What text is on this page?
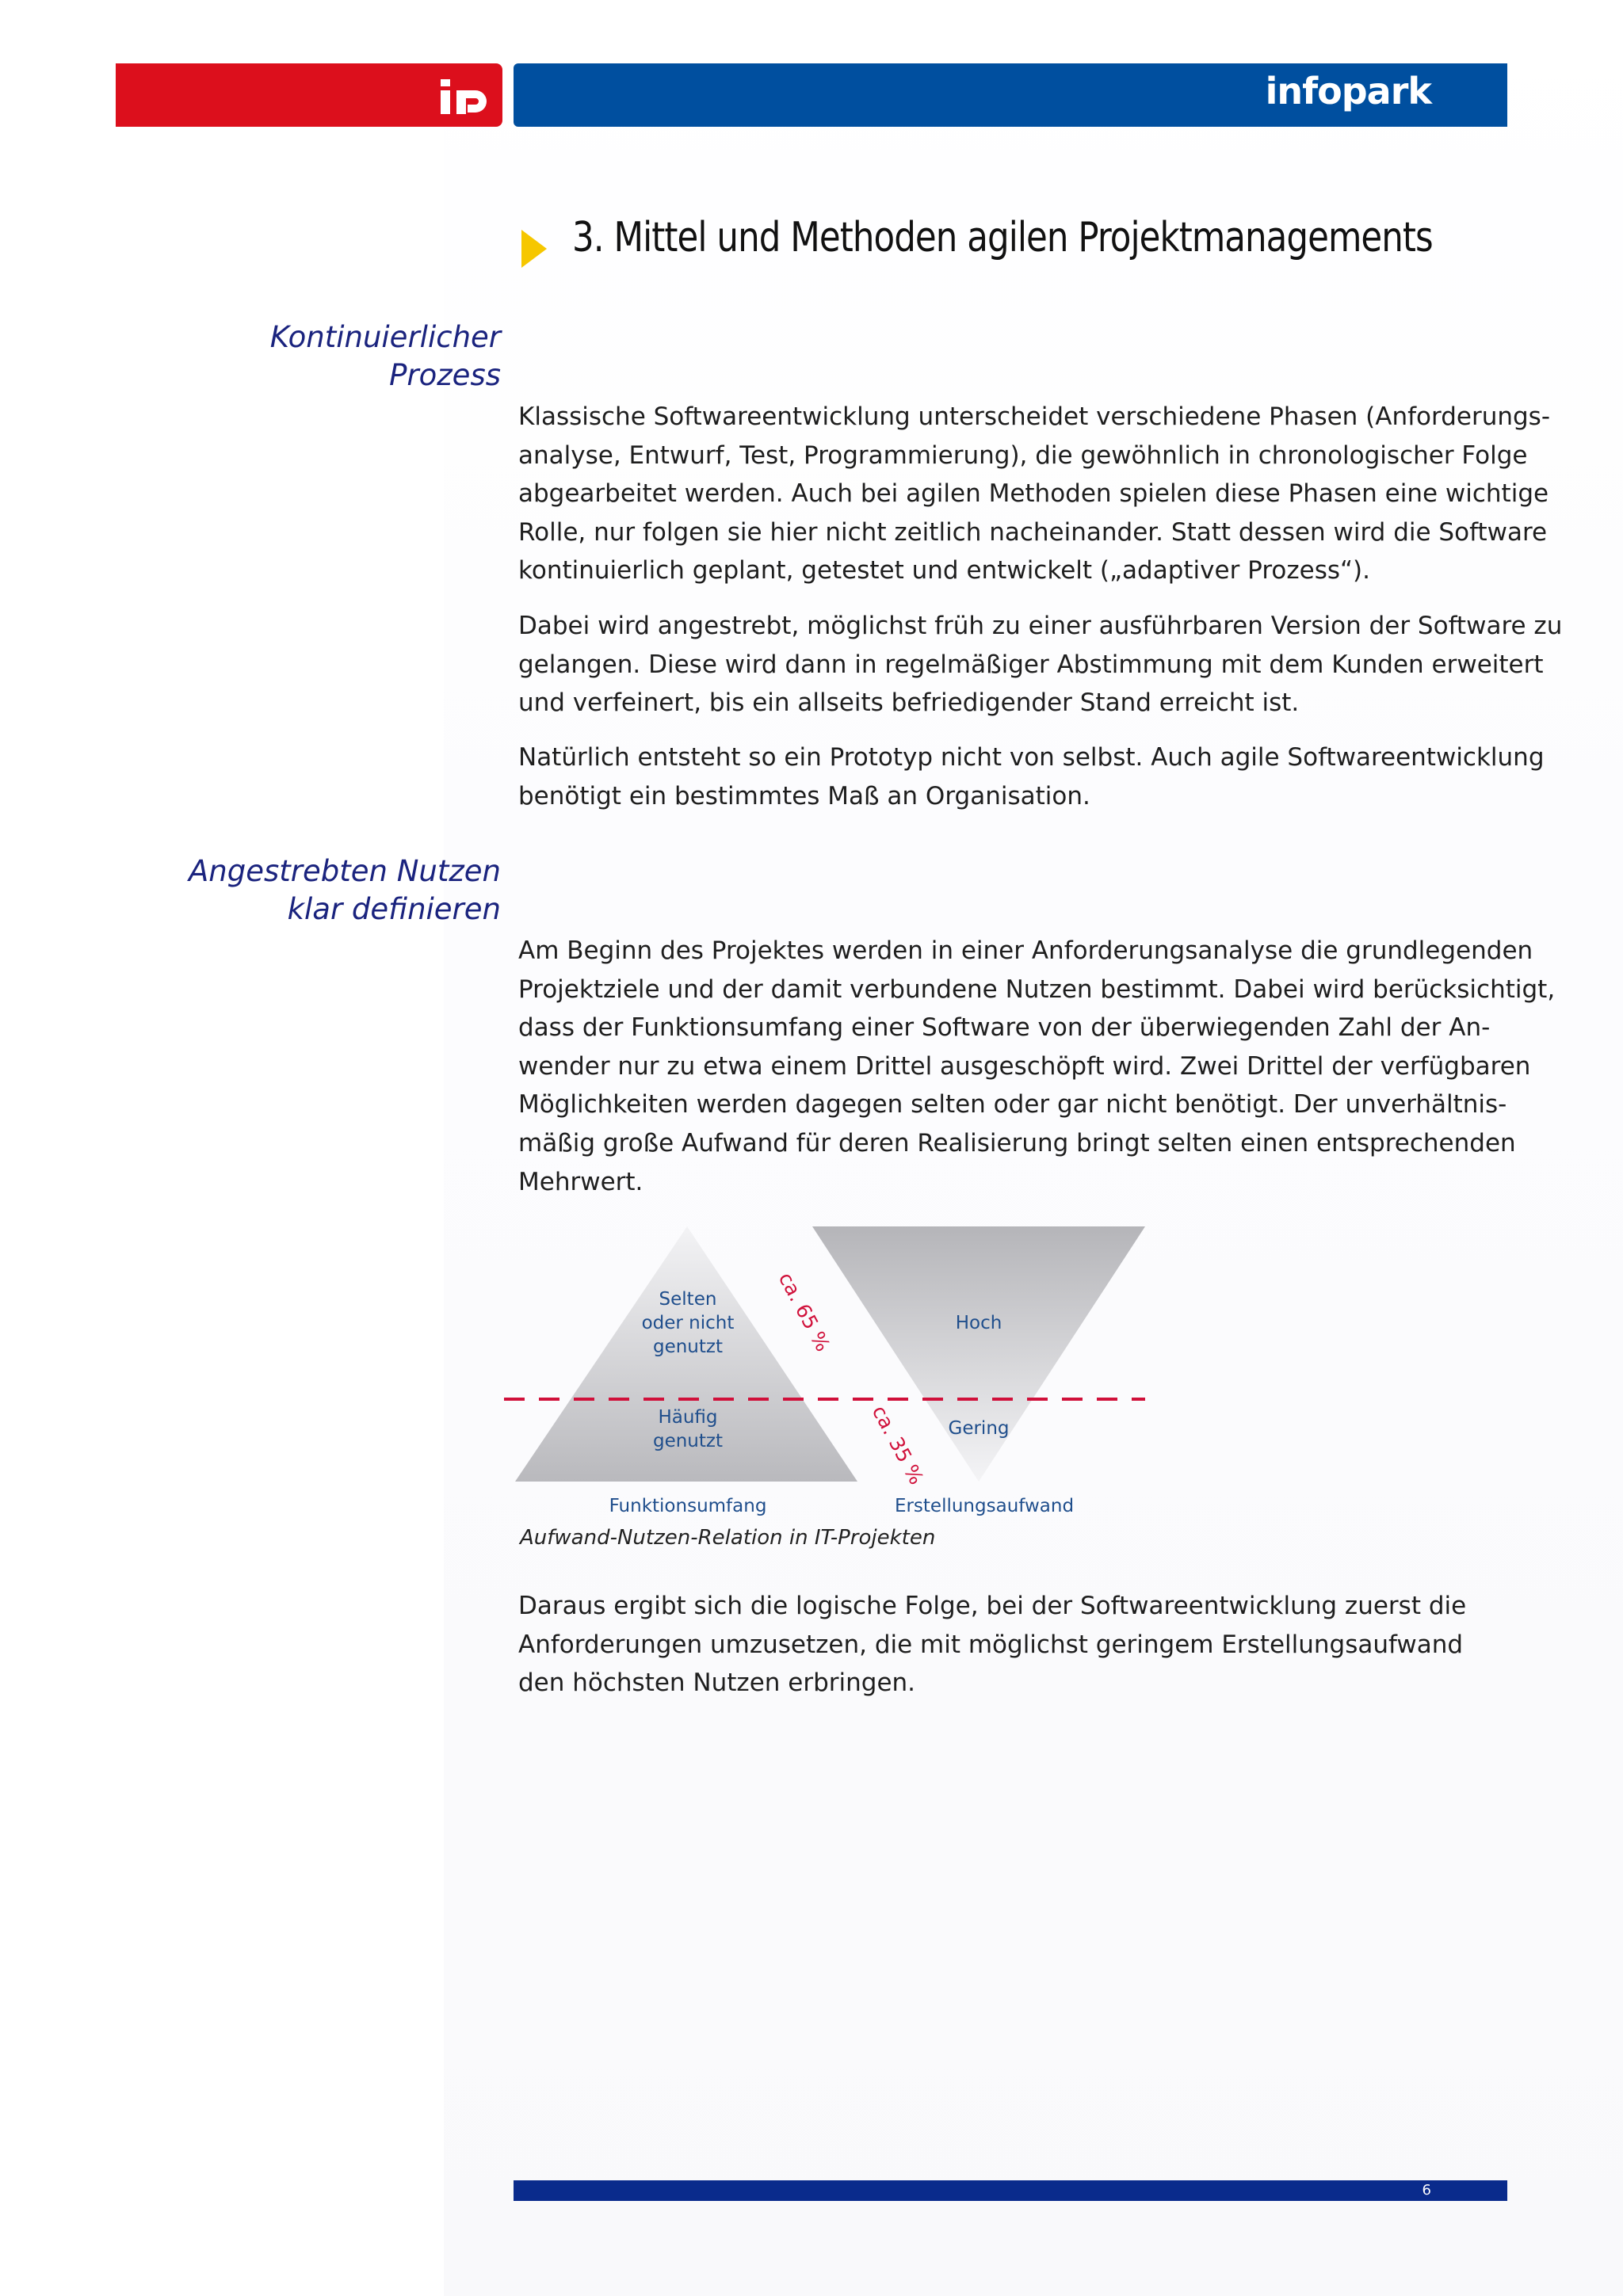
infopark
3. Mittel und Methoden agilen Projektmanagements
Kontinuierlicher
Prozess
Klassische Softwareentwicklung unterscheidet verschiedene Phasen (Anforderungs-
analyse, Entwurf, Test, Programmierung), die gewöhnlich in chronologischer Folge
abgearbeitet werden. Auch bei agilen Methoden spielen diese Phasen eine wichtige
Rolle, nur folgen sie hier nicht zeitlich nacheinander. Statt dessen wird die Software
kontinuierlich geplant, getestet und entwickelt („adaptiver Prozess“).
Dabei wird angestrebt, möglichst früh zu einer ausführbaren Version der Software zu
gelangen. Diese wird dann in regelmäßiger Abstimmung mit dem Kunden erweitert
und verfeinert, bis ein allseits befriedigender Stand erreicht ist.
Natürlich entsteht so ein Prototyp nicht von selbst. Auch agile Softwareentwicklung
benötigt ein bestimmtes Maß an Organisation.
Angestrebten Nutzen
klar definieren
Am Beginn des Projektes werden in einer Anforderungsanalyse die grundlegenden
Projektziele und der damit verbundene Nutzen bestimmt. Dabei wird berücksichtigt,
dass der Funktionsumfang einer Software von der überwiegenden Zahl der An-
wender nur zu etwa einem Drittel ausgeschöpft wird. Zwei Drittel der verfügbaren
Möglichkeiten werden dagegen selten oder gar nicht benötigt. Der unverhältnis-
mäßig große Aufwand für deren Realisierung bringt selten einen entsprechenden
Mehrwert.
Selten
oder nicht
genutzt
Häufig
genutzt
Hoch
Gering
Funktionsumfang	Erstellungsaufwand
ca. 65 %
ca. 35 %
Aufwand-Nutzen-Relation in IT-Projekten
Daraus ergibt sich die logische Folge, bei der Softwareentwicklung zuerst die
Anforderungen umzusetzen, die mit möglichst geringem Erstellungsaufwand
den höchsten Nutzen erbringen.
6
